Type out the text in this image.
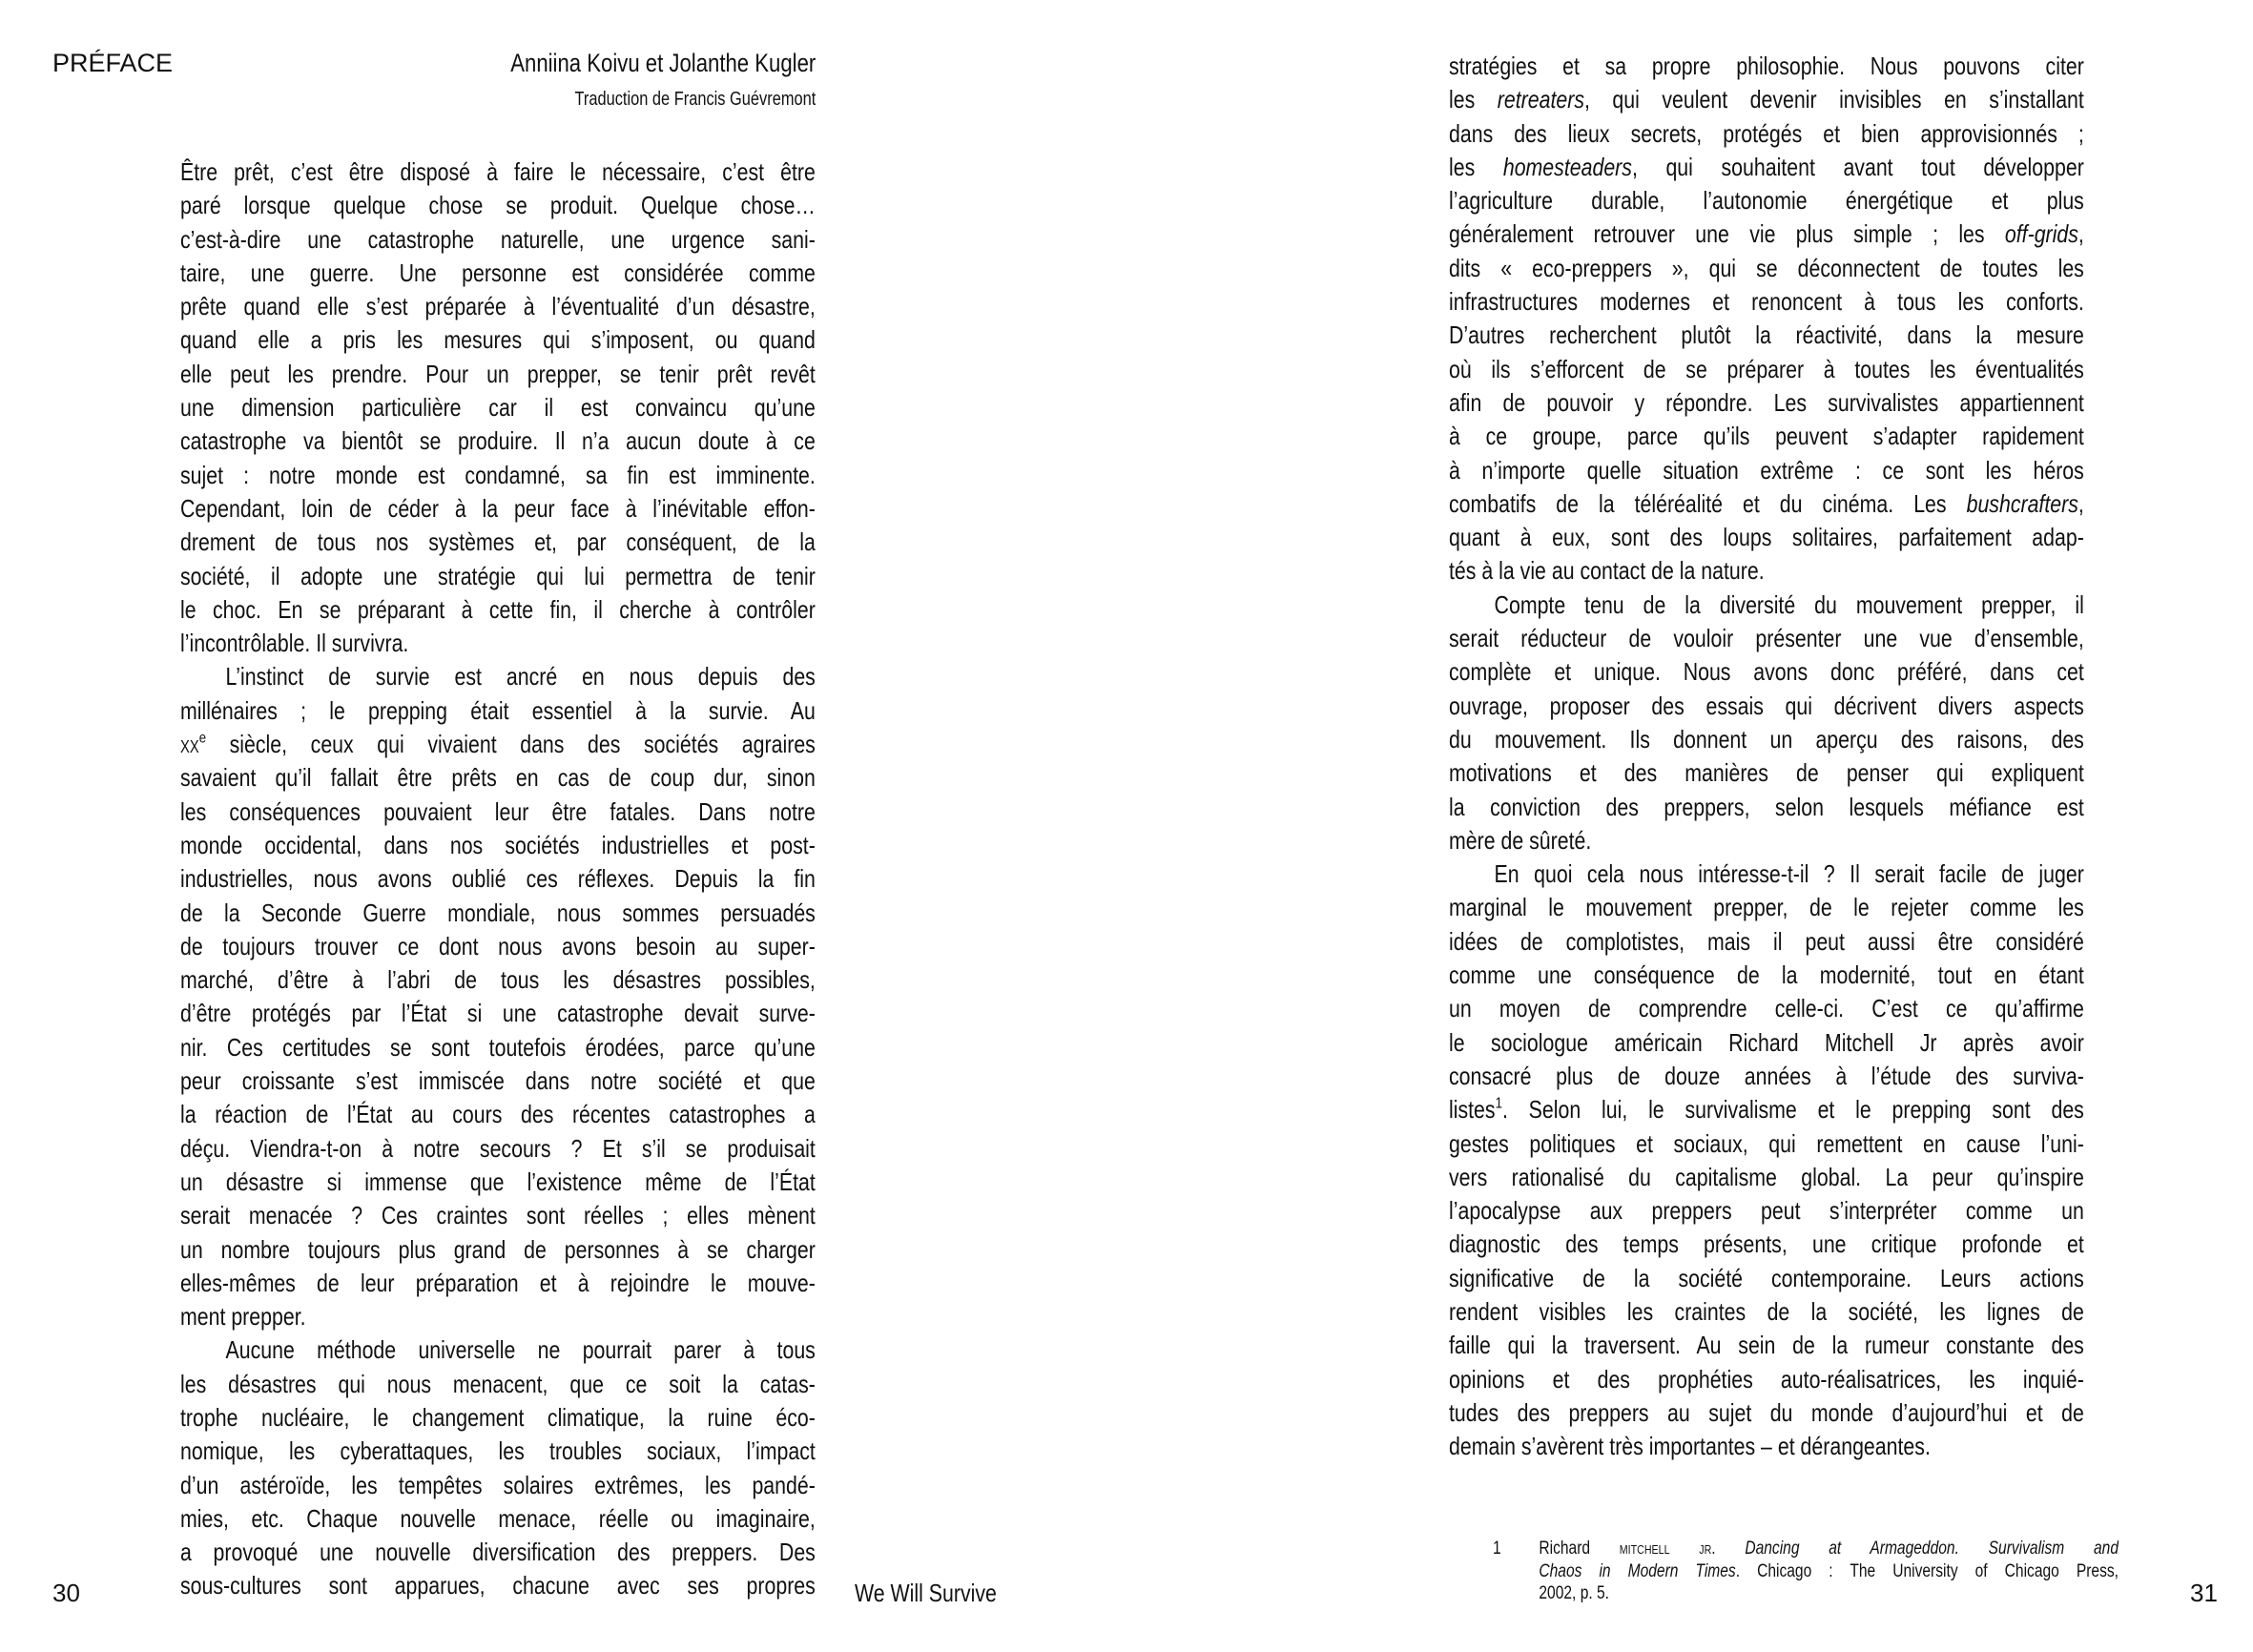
PRÉFACE	Anniina Koivu et Jolanthe Kugler
Traduction de Francis Guévremont
Être prêt, c’est être disposé à faire le nécessaire, c’est être
paré lorsque quelque chose se produit. Quelque chose…
c’est-à-dire une catastrophe naturelle, une urgence sani-
taire, une guerre. Une personne est considérée comme
prête quand elle s’est préparée à l’éventualité d’un désastre,
quand elle a pris les mesures qui s’imposent, ou quand
elle peut les prendre. Pour un prepper, se tenir prêt revêt
une dimension particulière car il est convaincu qu’une
catastrophe va bientôt se produire. Il n’a aucun doute à ce
sujet : notre monde est condamné, sa fin est imminente.
Cependant, loin de céder à la peur face à l’inévitable effon-
drement de tous nos systèmes et, par conséquent, de la
société, il adopte une stratégie qui lui permettra de tenir
le choc. En se préparant à cette fin, il cherche à contrôler
l’incontrôlable. Il survivra.
L’instinct de survie est ancré en nous depuis des
millénaires ; le prepping était essentiel à la survie. Au
$xx^e$ siècle, ceux qui vivaient dans des sociétés agraires
savaient qu’il fallait être prêts en cas de coup dur, sinon
les conséquences pouvaient leur être fatales. Dans notre
monde occidental, dans nos sociétés industrielles et post-
industrielles, nous avons oublié ces réflexes. Depuis la fin
de la Seconde Guerre mondiale, nous sommes persuadés
de toujours trouver ce dont nous avons besoin au super-
marché, d’être à l’abri de tous les désastres possibles,
d’être protégés par l’État si une catastrophe devait surve-
nir. Ces certitudes se sont toutefois érodées, parce qu’une
peur croissante s’est immiscée dans notre société et que
la réaction de l’État au cours des récentes catastrophes a
déçu. Viendra-t-on à notre secours ? Et s’il se produisait
un désastre si immense que l’existence même de l’État
serait menacée ? Ces craintes sont réelles ; elles mènent
un nombre toujours plus grand de personnes à se charger
elles-mêmes de leur préparation et à rejoindre le mouve-
ment prepper.
Aucune méthode universelle ne pourrait parer à tous
les désastres qui nous menacent, que ce soit la catas-
trophe nucléaire, le changement climatique, la ruine éco-
nomique, les cyberattaques, les troubles sociaux, l’impact
d’un astéroïde, les tempêtes solaires extrêmes, les pandé-
mies, etc. Chaque nouvelle menace, réelle ou imaginaire,
a provoqué une nouvelle diversification des preppers. Des
sous-cultures sont apparues, chacune avec ses propres
stratégies et sa propre philosophie. Nous pouvons citer
les retreaters, qui veulent devenir invisibles en s’installant
dans des lieux secrets, protégés et bien approvisionnés ;
les homesteaders, qui souhaitent avant tout développer
l’agriculture durable, l’autonomie énergétique et plus
généralement retrouver une vie plus simple ; les off-grids,
dits « eco-preppers », qui se déconnectent de toutes les
infrastructures modernes et renoncent à tous les conforts.
D’autres recherchent plutôt la réactivité, dans la mesure
où ils s’efforcent de se préparer à toutes les éventualités
afin de pouvoir y répondre. Les survivalistes appartiennent
à ce groupe, parce qu’ils peuvent s’adapter rapidement
à n’importe quelle situation extrême : ce sont les héros
combatifs de la téléréalité et du cinéma. Les bushcrafters,
quant à eux, sont des loups solitaires, parfaitement adap-
tés à la vie au contact de la nature.
Compte tenu de la diversité du mouvement prepper, il
serait réducteur de vouloir présenter une vue d’ensemble,
complète et unique. Nous avons donc préféré, dans cet
ouvrage, proposer des essais qui décrivent divers aspects
du mouvement. Ils donnent un aperçu des raisons, des
motivations et des manières de penser qui expliquent
la conviction des preppers, selon lesquels méfiance est
mère de sûreté.
En quoi cela nous intéresse-t-il ? Il serait facile de juger
marginal le mouvement prepper, de le rejeter comme les
idées de complotistes, mais il peut aussi être considéré
comme une conséquence de la modernité, tout en étant
un moyen de comprendre celle-ci. C’est ce qu’affirme
le sociologue américain Richard Mitchell Jr après avoir
consacré plus de douze années à l’étude des surviva-
listes$^1$. Selon lui, le survivalisme et le prepping sont des
gestes politiques et sociaux, qui remettent en cause l’uni-
vers rationalisé du capitalisme global. La peur qu’inspire
l’apocalypse aux preppers peut s’interpréter comme un
diagnostic des temps présents, une critique profonde et
significative de la société contemporaine. Leurs actions
rendent visibles les craintes de la société, les lignes de
faille qui la traversent. Au sein de la rumeur constante des
opinions et des prophéties auto-réalisatrices, les inquié-
tudes des preppers au sujet du monde d’aujourd’hui et de
demain s’avèrent très importantes – et dérangeantes.
1 Richard mitchell jr. Dancing at Armageddon. Survivalism and
Chaos in Modern Times. Chicago : The University of Chicago Press,
2002, p. 5.
30	We Will Survive	31
